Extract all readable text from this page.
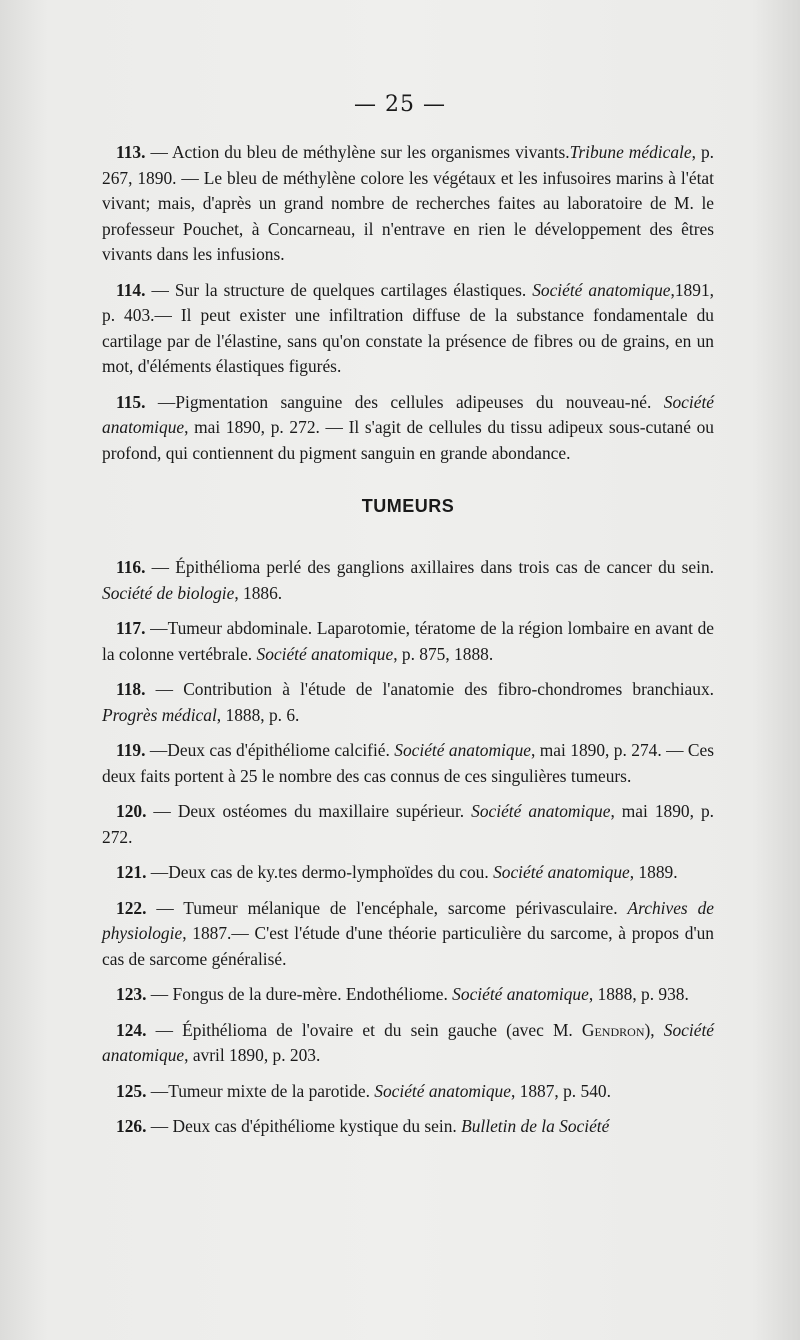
— 25 —

113. — Action du bleu de méthylène sur les organismes vivants.Tribune médicale, p. 267, 1890. — Le bleu de méthylène colore les végétaux et les infusoires marins à l'état vivant; mais, d'après un grand nombre de recherches faites au laboratoire de M. le professeur Pouchet, à Concarneau, il n'entrave en rien le développement des êtres vivants dans les infusions.

114. — Sur la structure de quelques cartilages élastiques. Société anatomique,1891, p. 403.— Il peut exister une infiltration diffuse de la substance fondamentale du cartilage par de l'élastine, sans qu'on constate la présence de fibres ou de grains, en un mot, d'éléments élastiques figurés.

115. —Pigmentation sanguine des cellules adipeuses du nouveau-né. Société anatomique, mai 1890, p. 272. — Il s'agit de cellules du tissu adipeux sous-cutané ou profond, qui contiennent du pigment sanguin en grande abondance.

TUMEURS

116. — Épithélioma perlé des ganglions axillaires dans trois cas de cancer du sein. Société de biologie, 1886.

117. —Tumeur abdominale. Laparotomie, tératome de la région lombaire en avant de la colonne vertébrale. Société anatomique, p. 875, 1888.

118. — Contribution à l'étude de l'anatomie des fibro-chondromes branchiaux. Progrès médical, 1888, p. 6.

119. —Deux cas d'épithéliome calcifié. Société anatomique, mai 1890, p. 274. — Ces deux faits portent à 25 le nombre des cas connus de ces singulières tumeurs.

120. — Deux ostéomes du maxillaire supérieur. Société anatomique, mai 1890, p. 272.

121. —Deux cas de ky.tes dermo-lymphoïdes du cou. Société anatomique, 1889.

122. — Tumeur mélanique de l'encéphale, sarcome périvasculaire. Archives de physiologie, 1887.— C'est l'étude d'une théorie particulière du sarcome, à propos d'un cas de sarcome généralisé.

123. — Fongus de la dure-mère. Endothéliome. Société anatomique, 1888, p. 938.

124. — Épithélioma de l'ovaire et du sein gauche (avec M. Gendron), Société anatomique, avril 1890, p. 203.

125. —Tumeur mixte de la parotide. Société anatomique, 1887, p. 540.

126. — Deux cas d'épithéliome kystique du sein. Bulletin de la Société
